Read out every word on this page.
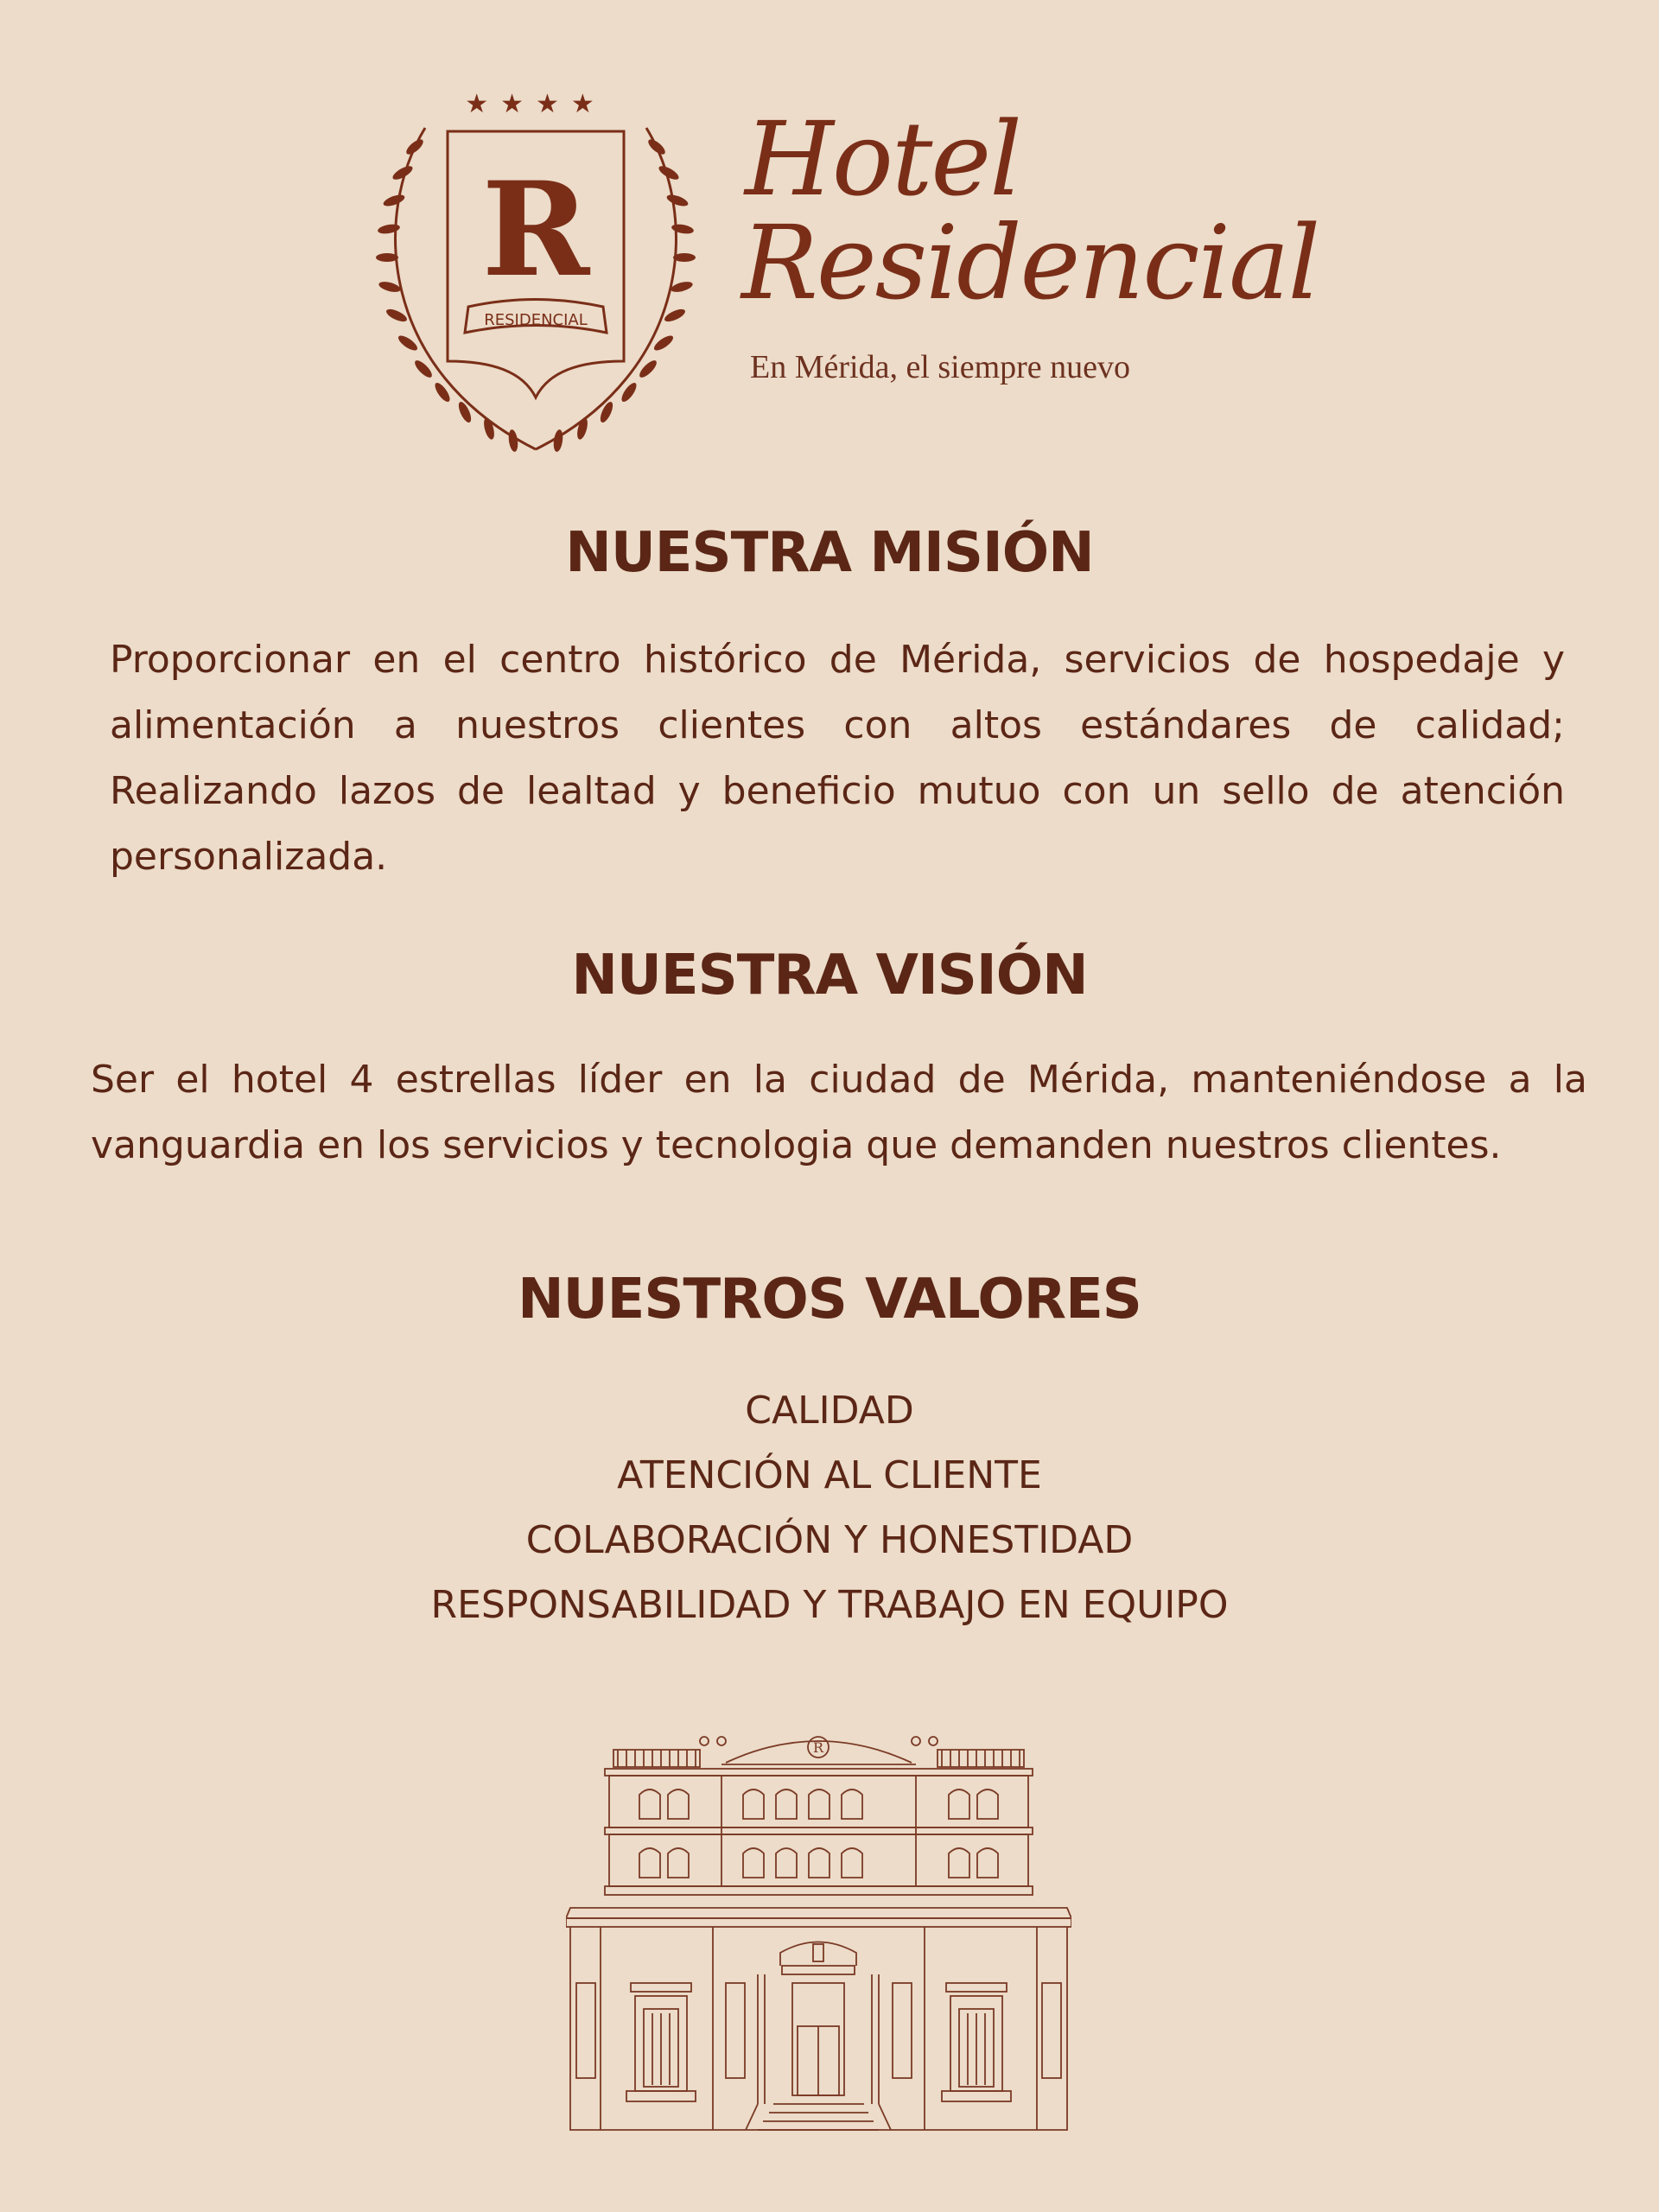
★★★★
R
RESIDENCIAL
Hotel
Residencial
En Mérida, el siempre nuevo
NUESTRA MISIÓN
Proporcionar en el centro histórico de Mérida, servicios de hospedaje y alimentación a nuestros clientes con altos estándares de calidad; Realizando lazos de lealtad y beneficio mutuo con un sello de atención personalizada.
NUESTRA VISIÓN
Ser el hotel 4 estrellas líder en la ciudad de Mérida, manteniéndose a la vanguardia en los servicios y tecnologia que demanden nuestros clientes.
NUESTROS VALORES
CALIDAD
ATENCIÓN AL CLIENTE
COLABORACIÓN Y HONESTIDAD
RESPONSABILIDAD Y TRABAJO EN EQUIPO
R
